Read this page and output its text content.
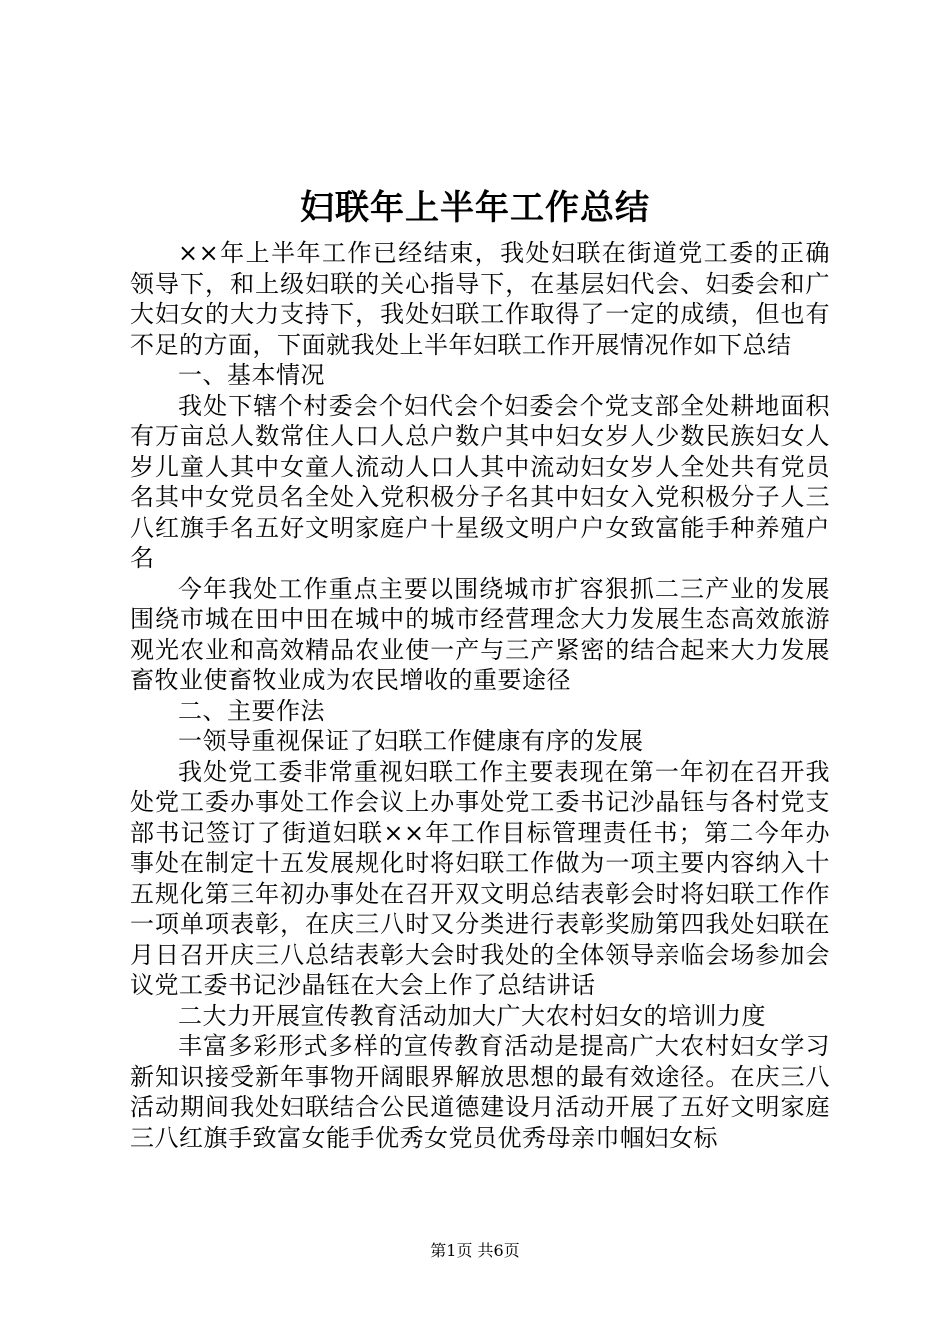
妇联年上半年工作总结

××年上半年工作已经结束，我处妇联在街道党工委的正确领导下，和上级妇联的关心指导下，在基层妇代会、妇委会和广大妇女的大力支持下，我处妇联工作取得了一定的成绩，但也有不足的方面，下面就我处上半年妇联工作开展情况作如下总结

一、基本情况

我处下辖个村委会个妇代会个妇委会个党支部全处耕地面积有万亩总人数常住人口人总户数户其中妇女岁人少数民族妇女人岁儿童人其中女童人流动人口人其中流动妇女岁人全处共有党员名其中女党员名全处入党积极分子名其中妇女入党积极分子人三八红旗手名五好文明家庭户十星级文明户户女致富能手种养殖户名

今年我处工作重点主要以围绕城市扩容狠抓二三产业的发展围绕市城在田中田在城中的城市经营理念大力发展生态高效旅游观光农业和高效精品农业使一产与三产紧密的结合起来大力发展畜牧业使畜牧业成为农民增收的重要途径

二、主要作法

一领导重视保证了妇联工作健康有序的发展

我处党工委非常重视妇联工作主要表现在第一年初在召开我处党工委办事处工作会议上办事处党工委书记沙晶钰与各村党支部书记签订了街道妇联××年工作目标管理责任书；第二今年办事处在制定十五发展规化时将妇联工作做为一项主要内容纳入十五规化第三年初办事处在召开双文明总结表彰会时将妇联工作作一项单项表彰，在庆三八时又分类进行表彰奖励第四我处妇联在月日召开庆三八总结表彰大会时我处的全体领导亲临会场参加会议党工委书记沙晶钰在大会上作了总结讲话

二大力开展宣传教育活动加大广大农村妇女的培训力度

丰富多彩形式多样的宣传教育活动是提高广大农村妇女学习新知识接受新年事物开阔眼界解放思想的最有效途径。在庆三八活动期间我处妇联结合公民道德建设月活动开展了五好文明家庭三八红旗手致富女能手优秀女党员优秀母亲巾帼妇女标

第1页 共6页
